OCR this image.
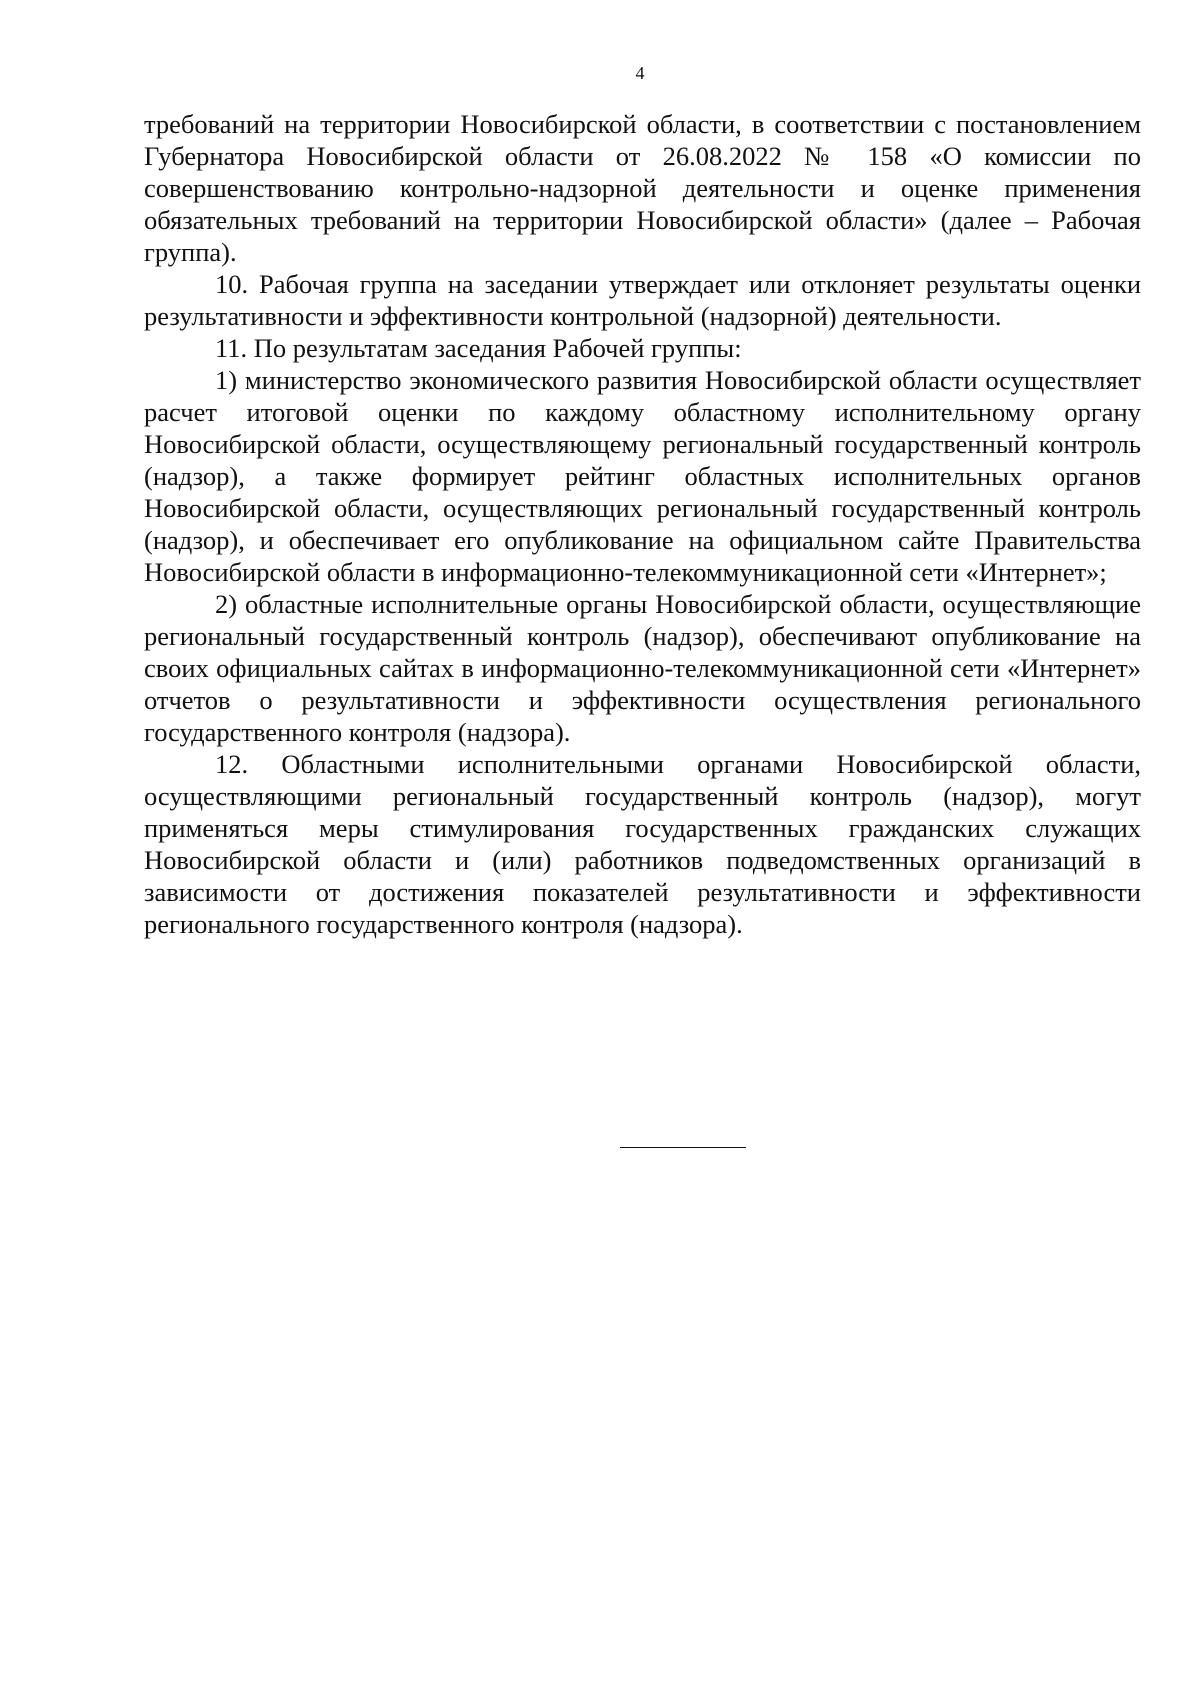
4

требований на территории Новосибирской области, в соответствии с постановлением Губернатора Новосибирской области от 26.08.2022 № 158 «О комиссии по совершенствованию контрольно-надзорной деятельности и оценке применения обязательных требований на территории Новосибирской области» (далее – Рабочая группа).

10. Рабочая группа на заседании утверждает или отклоняет результаты оценки результативности и эффективности контрольной (надзорной) деятельности.

11. По результатам заседания Рабочей группы:

1) министерство экономического развития Новосибирской области осуществляет расчет итоговой оценки по каждому областному исполнительному органу Новосибирской области, осуществляющему региональный государственный контроль (надзор), а также формирует рейтинг областных исполнительных органов Новосибирской области, осуществляющих региональный государственный контроль (надзор), и обеспечивает его опубликование на официальном сайте Правительства Новосибирской области в информационно-телекоммуникационной сети «Интернет»;

2) областные исполнительные органы Новосибирской области, осуществляющие региональный государственный контроль (надзор), обеспечивают опубликование на своих официальных сайтах в информационно-телекоммуникационной сети «Интернет» отчетов о результативности и эффективности осуществления регионального государственного контроля (надзора).

12. Областными исполнительными органами Новосибирской области, осуществляющими региональный государственный контроль (надзор), могут применяться меры стимулирования государственных гражданских служащих Новосибирской области и (или) работников подведомственных организаций в зависимости от достижения показателей результативности и эффективности регионального государственного контроля (надзора).
